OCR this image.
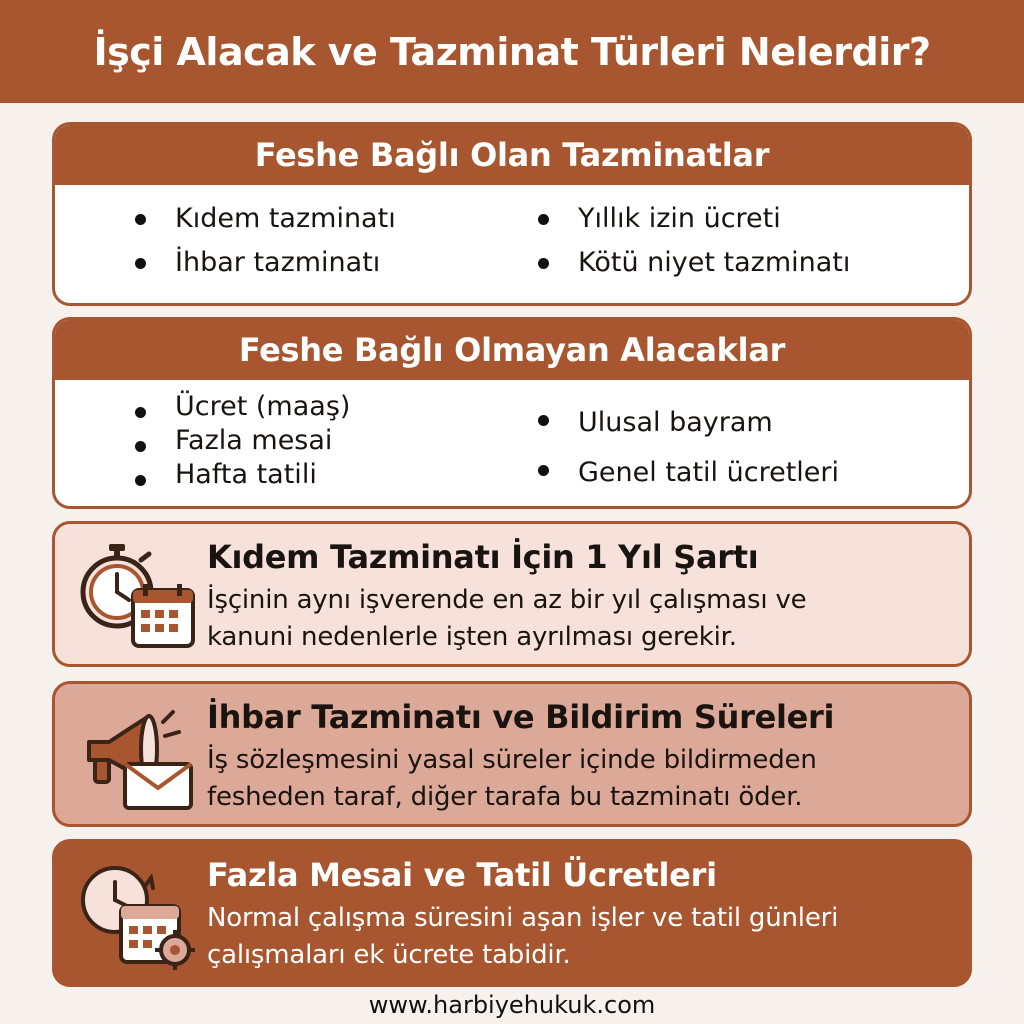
İşçi Alacak ve Tazminat Türleri Nelerdir?
Feshe Bağlı Olan Tazminatlar
Kıdem tazminatı
İhbar tazminatı
Yıllık izin ücreti
Kötü niyet tazminatı
Feshe Bağlı Olmayan Alacaklar
Ücret (maaş)
Fazla mesai
Hafta tatili
Ulusal bayram
Genel tatil ücretleri
Kıdem Tazminatı İçin 1 Yıl Şartı

İşçinin aynı işverende en az bir yıl çalışması ve
kanuni nedenlerle işten ayrılması gerekir.

İhbar Tazminatı ve Bildirim Süreleri

İş sözleşmesini yasal süreler içinde bildirmeden
fesheden taraf, diğer tarafa bu tazminatı öder.

Fazla Mesai ve Tatil Ücretleri

Normal çalışma süresini aşan işler ve tatil günleri
çalışmaları ek ücrete tabidir.

www.harbiyehukuk.com
